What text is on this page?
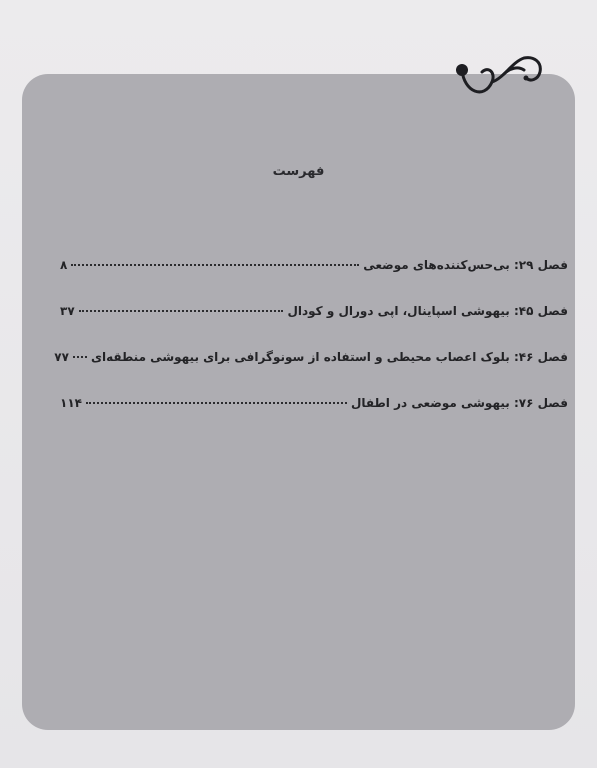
فهرست
فصل ۲۹: بی‌حس‌کننده‌های موضعی
۸
فصل ۴۵: بیهوشی اسپاینال، اپی دورال و کودال
۳۷
فصل ۴۶: بلوک اعصاب محیطی و استفاده از سونوگرافی برای بیهوشی منطقه‌ای
۷۷
فصل ۷۶: بیهوشی موضعی در اطفال
۱۱۴
